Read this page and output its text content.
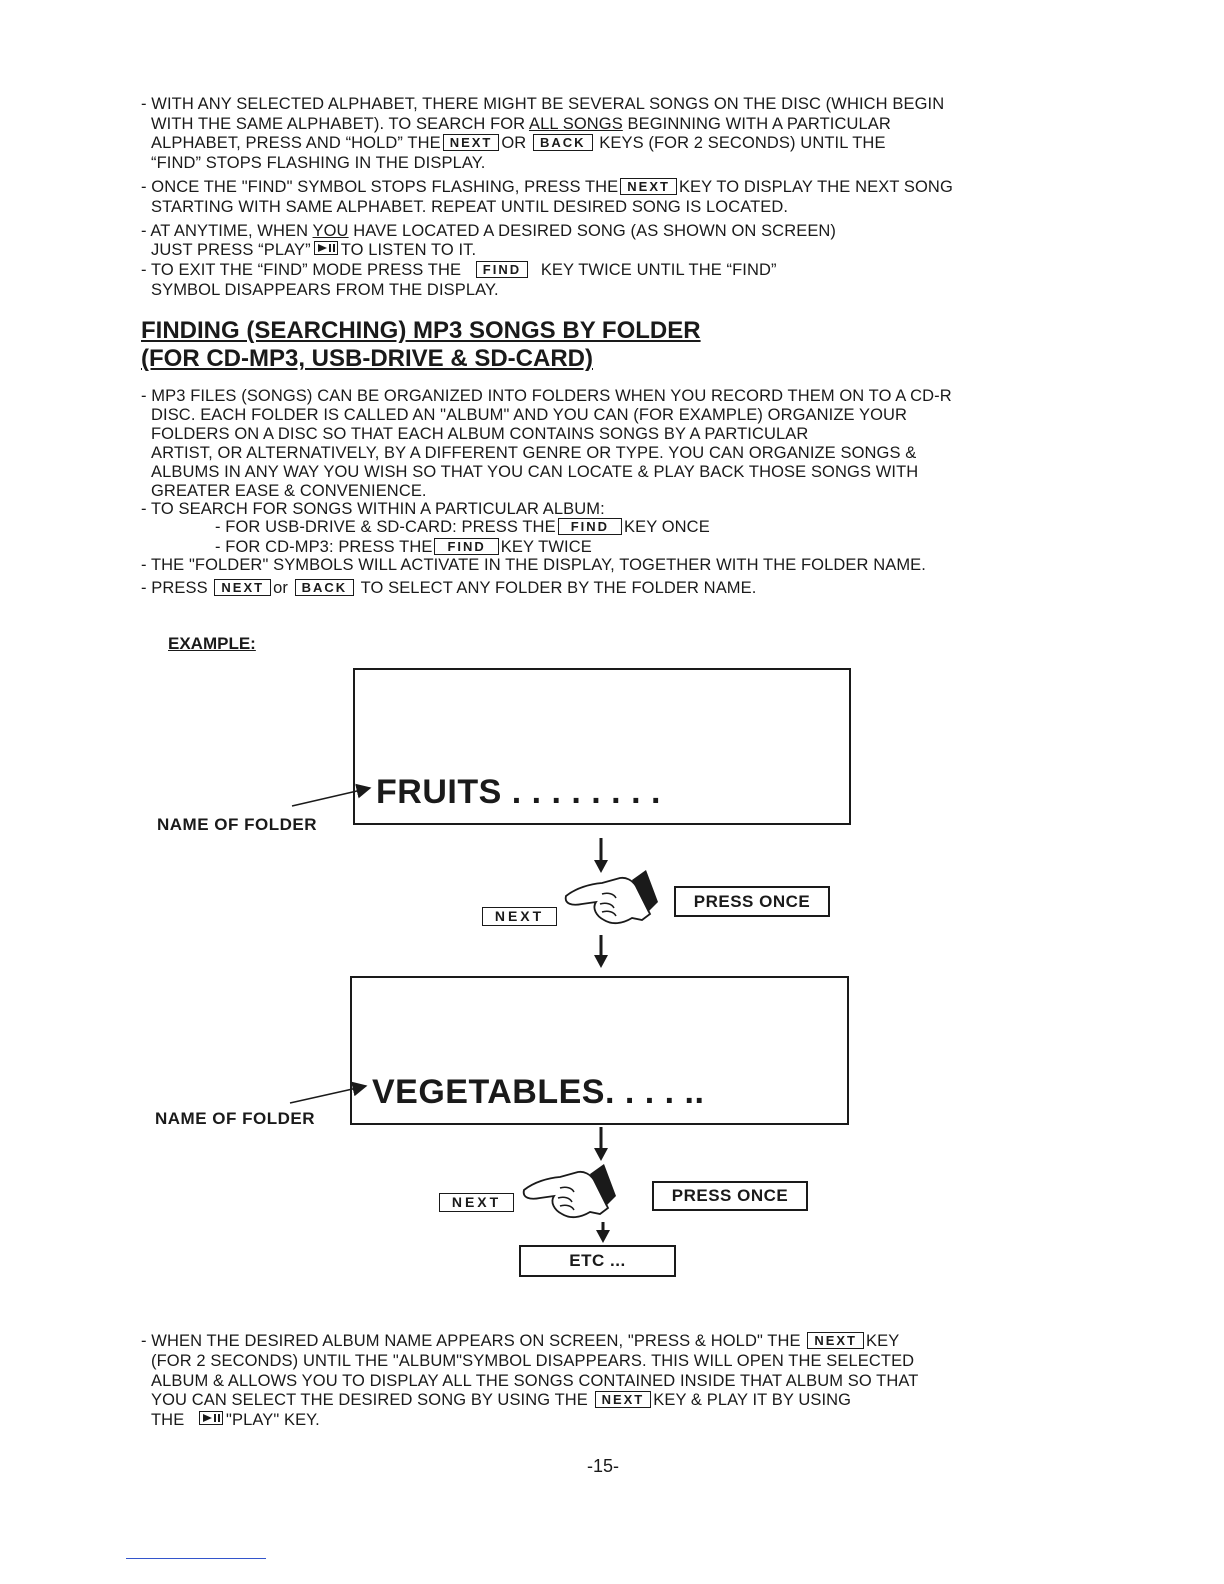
- WITH ANY SELECTED ALPHABET, THERE MIGHT BE SEVERAL SONGS ON THE DISC (WHICH BEGIN
WITH THE SAME ALPHABET). TO SEARCH FOR ALL SONGS BEGINNING WITH A PARTICULAR
ALPHABET, PRESS AND “HOLD” THE NEXT OR BACK KEYS (FOR 2 SECONDS) UNTIL THE
“FIND” STOPS FLASHING IN THE DISPLAY.
- ONCE THE "FIND" SYMBOL STOPS FLASHING, PRESS THE NEXT KEY TO DISPLAY THE NEXT SONG
STARTING WITH SAME ALPHABET. REPEAT UNTIL DESIRED SONG IS LOCATED.
- AT ANYTIME, WHEN YOU HAVE LOCATED A DESIRED SONG (AS SHOWN ON SCREEN)
JUST PRESS “PLAY” TO LISTEN TO IT.
- TO EXIT THE “FIND” MODE PRESS THE FIND KEY TWICE UNTIL THE “FIND”
SYMBOL DISAPPEARS FROM THE DISPLAY.
FINDING (SEARCHING) MP3 SONGS BY FOLDER
(FOR CD-MP3, USB-DRIVE & SD-CARD)
- MP3 FILES (SONGS) CAN BE ORGANIZED INTO FOLDERS WHEN YOU RECORD THEM ON TO A CD-R
DISC. EACH FOLDER IS CALLED AN "ALBUM" AND YOU CAN (FOR EXAMPLE) ORGANIZE YOUR
FOLDERS ON A DISC SO THAT EACH ALBUM CONTAINS SONGS BY A PARTICULAR
ARTIST, OR ALTERNATIVELY, BY A DIFFERENT GENRE OR TYPE. YOU CAN ORGANIZE SONGS &
ALBUMS IN ANY WAY YOU WISH SO THAT YOU CAN LOCATE & PLAY BACK THOSE SONGS WITH
GREATER EASE & CONVENIENCE.
- TO SEARCH FOR SONGS WITHIN A PARTICULAR ALBUM:
- FOR USB-DRIVE & SD-CARD: PRESS THE FIND KEY ONCE
- FOR CD-MP3: PRESS THE FIND KEY TWICE
- THE "FOLDER" SYMBOLS WILL ACTIVATE IN THE DISPLAY, TOGETHER WITH THE FOLDER NAME.
- PRESS NEXT or BACK TO SELECT ANY FOLDER BY THE FOLDER NAME.
EXAMPLE:
FRUITS . . . . . . . .
NAME OF FOLDER
VEGETABLES. . . . ..
NAME OF FOLDER
NEXT
PRESS ONCE
NEXT	PRESS ONCE
ETC ...
- WHEN THE DESIRED ALBUM NAME APPEARS ON SCREEN, "PRESS & HOLD" THE NEXT KEY
(FOR 2 SECONDS) UNTIL THE "ALBUM"SYMBOL DISAPPEARS. THIS WILL OPEN THE SELECTED
ALBUM & ALLOWS YOU TO DISPLAY ALL THE SONGS CONTAINED INSIDE THAT ALBUM SO THAT
YOU CAN SELECT THE DESIRED SONG BY USING THE NEXT KEY & PLAY IT BY USING
THE	"PLAY" KEY.
-15-
